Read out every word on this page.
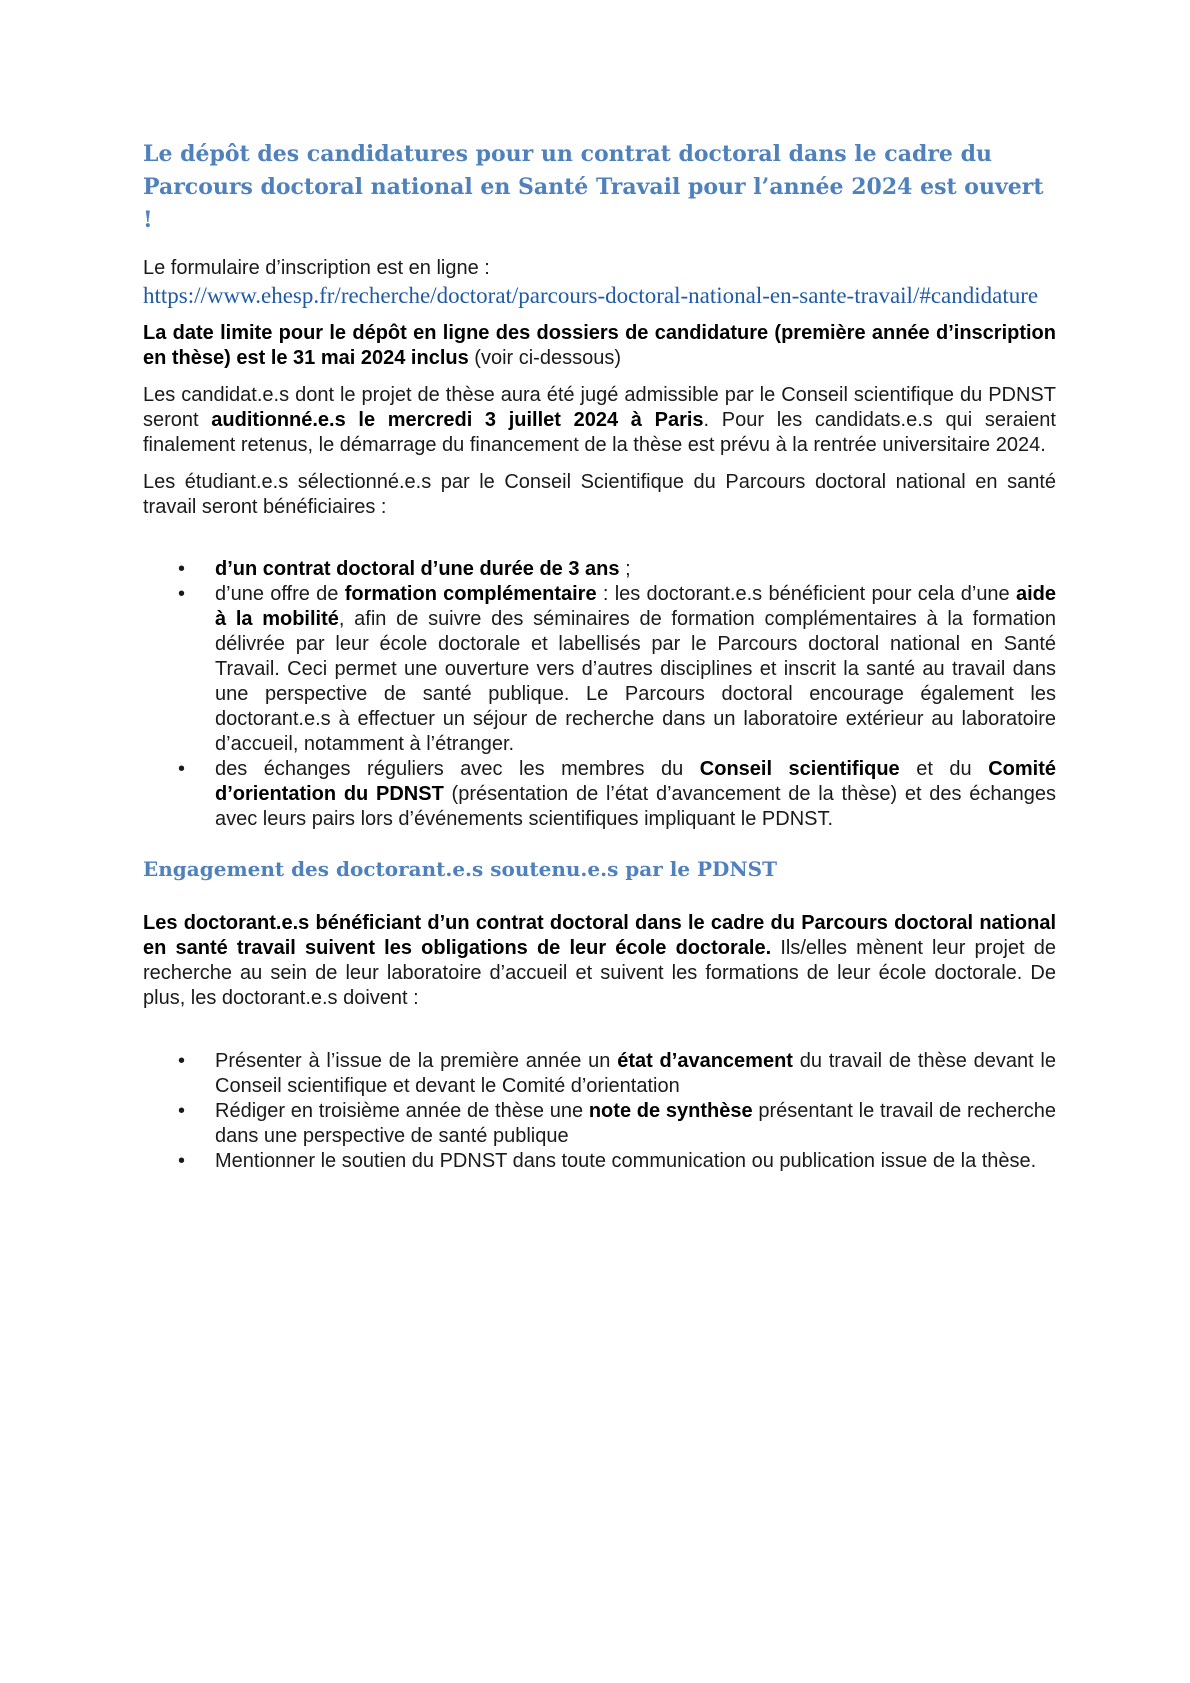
Le dépôt des candidatures pour un contrat doctoral dans le cadre du Parcours doctoral national en Santé Travail pour l’année 2024 est ouvert !

Le formulaire d’inscription est en ligne :

https://www.ehesp.fr/recherche/doctorat/parcours-doctoral-national-en-sante-travail/#candidature

La date limite pour le dépôt en ligne des dossiers de candidature (première année d’inscription en thèse) est le 31 mai 2024 inclus (voir ci-dessous)

Les candidat.e.s dont le projet de thèse aura été jugé admissible par le Conseil scientifique du PDNST seront auditionné.e.s le mercredi 3 juillet 2024 à Paris. Pour les candidats.e.s qui seraient finalement retenus, le démarrage du financement de la thèse est prévu à la rentrée universitaire 2024.

Les étudiant.e.s sélectionné.e.s par le Conseil Scientifique du Parcours doctoral national en santé travail seront bénéficiaires :

• d’un contrat doctoral d’une durée de 3 ans ;
• d’une offre de formation complémentaire : les doctorant.e.s bénéficient pour cela d’une aide à la mobilité, afin de suivre des séminaires de formation complémentaires à la formation délivrée par leur école doctorale et labellisés par le Parcours doctoral national en Santé Travail. Ceci permet une ouverture vers d’autres disciplines et inscrit la santé au travail dans une perspective de santé publique. Le Parcours doctoral encourage également les doctorant.e.s à effectuer un séjour de recherche dans un laboratoire extérieur au laboratoire d’accueil, notamment à l’étranger.
• des échanges réguliers avec les membres du Conseil scientifique et du Comité d’orientation du PDNST (présentation de l’état d’avancement de la thèse) et des échanges avec leurs pairs lors d’événements scientifiques impliquant le PDNST.
Engagement des doctorant.e.s soutenu.e.s par le PDNST

Les doctorant.e.s bénéficiant d’un contrat doctoral dans le cadre du Parcours doctoral national en santé travail suivent les obligations de leur école doctorale. Ils/elles mènent leur projet de recherche au sein de leur laboratoire d’accueil et suivent les formations de leur école doctorale. De plus, les doctorant.e.s doivent :

• Présenter à l’issue de la première année un état d’avancement du travail de thèse devant le Conseil scientifique et devant le Comité d’orientation
• Rédiger en troisième année de thèse une note de synthèse présentant le travail de recherche dans une perspective de santé publique
• Mentionner le soutien du PDNST dans toute communication ou publication issue de la thèse.
